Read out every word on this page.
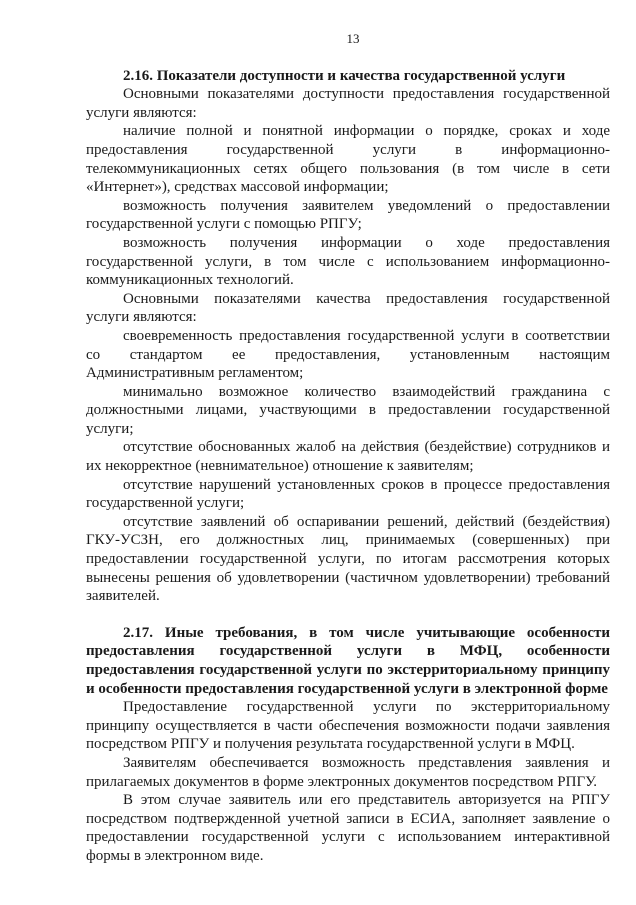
13
2.16. Показатели доступности и качества государственной услуги

Основными показателями доступности предоставления государственной услуги являются:

наличие полной и понятной информации о порядке, сроках и ходе предоставления государственной услуги в информационно-телекоммуникационных сетях общего пользования (в том числе в сети «Интернет»), средствах массовой информации;

возможность получения заявителем уведомлений о предоставлении государственной услуги с помощью РПГУ;

возможность получения информации о ходе предоставления государственной услуги, в том числе с использованием информационно-коммуникационных технологий.

Основными показателями качества предоставления государственной услуги являются:

своевременность предоставления государственной услуги в соответствии со стандартом ее предоставления, установленным настоящим Административным регламентом;

минимально возможное количество взаимодействий гражданина с должностными лицами, участвующими в предоставлении государственной услуги;

отсутствие обоснованных жалоб на действия (бездействие) сотрудников и их некорректное (невнимательное) отношение к заявителям;

отсутствие нарушений установленных сроков в процессе предоставления государственной услуги;

отсутствие заявлений об оспаривании решений, действий (бездействия) ГКУ-УСЗН, его должностных лиц, принимаемых (совершенных) при предоставлении государственной услуги, по итогам рассмотрения которых вынесены решения об удовлетворении (частичном удовлетворении) требований заявителей.

2.17. Иные требования, в том числе учитывающие особенности предоставления государственной услуги в МФЦ, особенности предоставления государственной услуги по экстерриториальному принципу и особенности предоставления государственной услуги в электронной форме

Предоставление государственной услуги по экстерриториальному принципу осуществляется в части обеспечения возможности подачи заявления посредством РПГУ и получения результата государственной услуги в МФЦ.

Заявителям обеспечивается возможность представления заявления и прилагаемых документов в форме электронных документов посредством РПГУ.

В этом случае заявитель или его представитель авторизуется на РПГУ посредством подтвержденной учетной записи в ЕСИА, заполняет заявление о предоставлении государственной услуги с использованием интерактивной формы в электронном виде.
